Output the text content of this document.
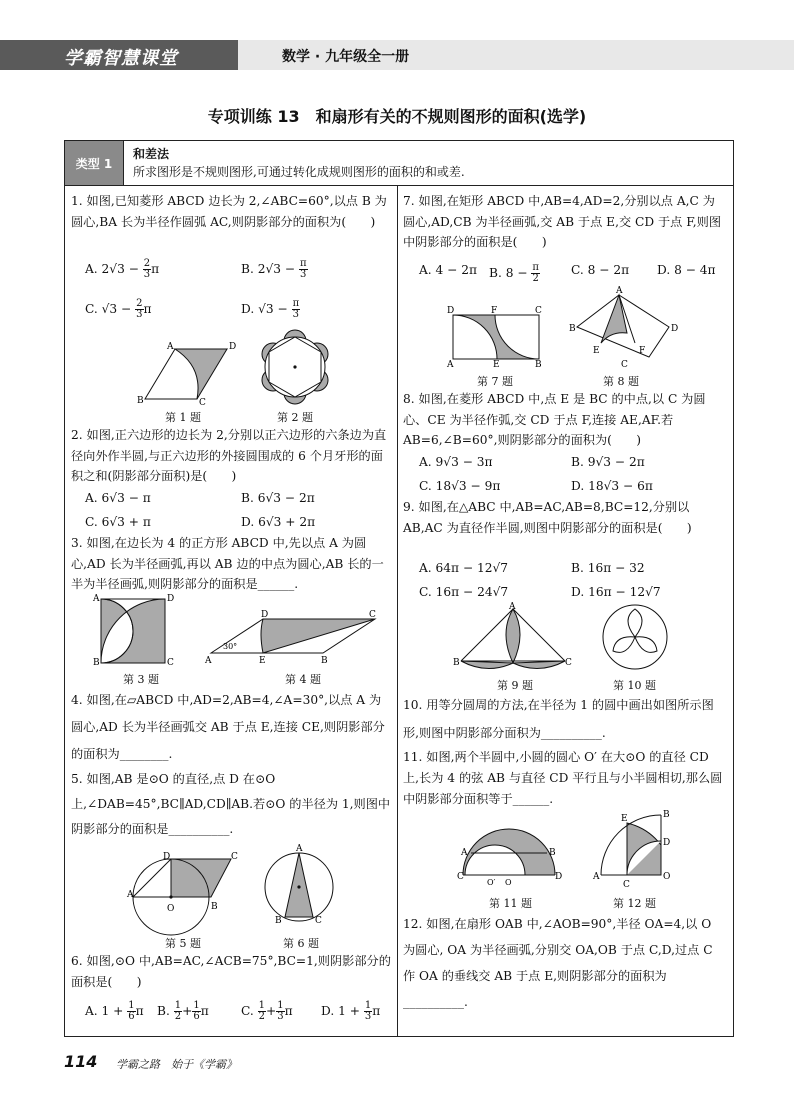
学霸智慧课堂	数学 · 九年级全一册
专项训练 13　和扇形有关的不规则图形的面积(选学)
类型 1
和差法
所求图形是不规则图形,可通过转化成规则图形的面积的和或差.
1. 如图,已知菱形 ABCD 边长为 2,∠ABC=60°,以点 B 为圆心,BA 长为半径作圆弧 AC,则阴影部分的面积为(　　)
A. $2√3 - \frac{2}{3}$ π	B. $2√3 - \frac{\pi}{3}$
C. $√3 - \frac{2}{3}$ π	D. $√3 - \frac{\pi}{3}$
A	D
B	C
第 1 题	第 2 题
2. 如图,正六边形的边长为 2,分别以正六边形的六条边为直径向外作半圆,与正六边形的外接圆围成的 6 个月牙形的面积之和(阴影部分面积)是(　　)
A. 6√3 − π	B. 6√3 − 2π
C. 6√3 + π	D. 6√3 + 2π
3. 如图,在边长为 4 的正方形 ABCD 中,先以点 A 为圆心,AD 长为半径画弧,再以 AB 边的中点为圆心,AB 长的一半为半径画弧,则阴影部分的面积是______.
A	D
B	C
第 3 题
30°
A	E	B
D	C
第 4 题
4. 如图,在▱ABCD 中,AD=2,AB=4,∠A=30°,以点 A 为圆心,AD 长为半径画弧交 AB 于点 E,连接 CE,则阴影部分的面积为________.
5. 如图,AB 是⊙O 的直径,点 D 在⊙O 上,∠DAB=45°,BC∥AD,CD∥AB.若⊙O 的半径为 1,则图中阴影部分的面积是__________.
D	C
A
B
O
第 5 题
A
B	C
第 6 题
6. 如图,⊙O 中,AB=AC,∠ACB=75°,BC=1,则阴影部分的面积是(　　)
A. $1 + \frac{1}{6}$ π B. $\frac{1}{2} + \frac{1}{6}$ π	C. $\frac{1}{2} + \frac{1}{3}$ π D. $1 + \frac{1}{3}$ π
7. 如图,在矩形 ABCD 中,AB=4,AD=2,分别以点 A,C 为圆心,AD,CB 为半径画弧,交 AB 于点 E,交 CD 于点 F,则图中阴影部分的面积是(　　)
A. 4 − 2π B. $8 - \frac{\pi}{2}$	C. 8 − 2π D. 8 − 4π
D	F	C
A	E	B
第 7 题
A
B	D
E	F
C
第 8 题
8. 如图,在菱形 ABCD 中,点 E 是 BC 的中点,以 C 为圆心、CE 为半径作弧,交 CD 于点 F,连接 AE,AF.若 AB=6,∠B=60°,则阴影部分的面积为(　　)
A. 9√3 − 3π	B. 9√3 − 2π
C. 18√3 − 9π	D. 18√3 − 6π
9. 如图,在△ABC 中,AB=AC,AB=8,BC=12,分别以 AB,AC 为直径作半圆,则图中阴影部分的面积是(　　)
A. 64π − 12√7	B. 16π − 32
C. 16π − 24√7	D. 16π − 12√7
A
B	C
第 9 题	第 10 题
10. 用等分圆周的方法,在半径为 1 的圆中画出如图所示图形,则图中阴影部分面积为__________.
11. 如图,两个半圆中,小圆的圆心 O′ 在大⊙O 的直径 CD 上,长为 4 的弦 AB 与直径 CD 平行且与小半圆相切,那么圆中阴影部分面积等于______.
A	B
C	D
O′ O
第 11 题
A
C
O
E	B
D
第 12 题
12. 如图,在扇形 OAB 中,∠AOB=90°,半径 OA=4,以 O 为圆心, OA 为半径画弧,分别交 OA,OB 于点 C,D,过点 C 作 OA 的垂线交 AB 于点 E,则阴影部分的面积为__________.
114 学霸之路　始于《学霸》
